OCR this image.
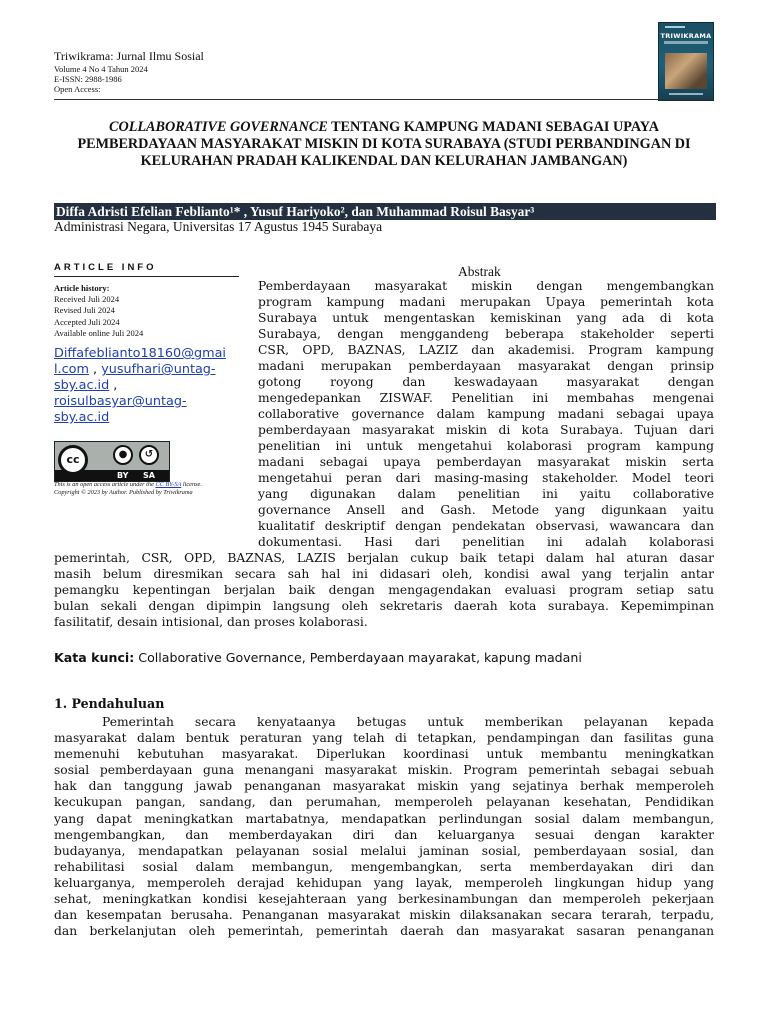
Triwikrama: Jurnal Ilmu Sosial
Volume 4 No 4 Tahun 2024
E-ISSN: 2988-1986
Open Access:
TRIWIKRAMA
COLLABORATIVE GOVERNANCE TENTANG KAMPUNG MADANI SEBAGAI UPAYA PEMBERDAYAAN MASYARAKAT MISKIN DI KOTA SURABAYA (STUDI PERBANDINGAN DI KELURAHAN PRADAH KALIKENDAL DAN KELURAHAN JAMBANGAN)
Diffa Adristi Efelian Feblianto¹* , Yusuf Hariyoko², dan Muhammad Roisul Basyar³
Administrasi Negara, Universitas 17 Agustus 1945 Surabaya
ARTICLE INFO
Article history:
Received Juli 2024
Revised Juli 2024
Accepted Juli 2024
Available online Juli 2024
Diffafeblianto18160@gmai
l.com , yusufhari@untag-
sby.ac.id ,
roisulbasyar@untag-
sby.ac.id
cc	●	↺
BY SA
This is an open access article under the CC BY-SA license.
Copyright © 2023 by Author. Published by Triwikrama
Abstrak
Pemberdayaan masyarakat miskin dengan mengembangkan
program kampung madani merupakan Upaya pemerintah kota
Surabaya untuk mengentaskan kemiskinan yang ada di kota
Surabaya, dengan menggandeng beberapa stakeholder seperti
CSR, OPD, BAZNAS, LAZIZ dan akademisi. Program kampung
madani merupakan pemberdayaan masyarakat dengan prinsip
gotong royong dan keswadayaan masyarakat dengan
mengedepankan ZISWAF. Penelitian ini membahas mengenai
collaborative governance dalam kampung madani sebagai upaya
pemberdayaan masyarakat miskin di kota Surabaya. Tujuan dari
penelitian ini untuk mengetahui kolaborasi program kampung
madani sebagai upaya pemberdayan masyarakat miskin serta
mengetahui peran dari masing-masing stakeholder. Model teori
yang digunakan dalam penelitian ini yaitu collaborative
governance Ansell and Gash. Metode yang digunkaan yaitu
kualitatif deskriptif dengan pendekatan observasi, wawancara dan
dokumentasi. Hasi dari penelitian ini adalah kolaborasi
pemerintah, CSR, OPD, BAZNAS, LAZIS berjalan cukup baik tetapi dalam hal aturan dasar
masih belum diresmikan secara sah hal ini didasari oleh, kondisi awal yang terjalin antar
pemangku kepentingan berjalan baik dengan mengagendakan evaluasi program setiap satu
bulan sekali dengan dipimpin langsung oleh sekretaris daerah kota surabaya. Kepemimpinan
fasilitatif, desain intisional, dan proses kolaborasi.
Kata kunci: Collaborative Governance, Pemberdayaan mayarakat, kapung madani
1. Pendahuluan
Pemerintah secara kenyataanya betugas untuk memberikan pelayanan kepada
masyarakat dalam bentuk peraturan yang telah di tetapkan, pendampingan dan fasilitas guna
memenuhi kebutuhan masyarakat. Diperlukan koordinasi untuk membantu meningkatkan
sosial pemberdayaan guna menangani masyarakat miskin. Program pemerintah sebagai sebuah
hak dan tanggung jawab penanganan masyarakat miskin yang sejatinya berhak memperoleh
kecukupan pangan, sandang, dan perumahan, memperoleh pelayanan kesehatan, Pendidikan
yang dapat meningkatkan martabatnya, mendapatkan perlindungan sosial dalam membangun,
mengembangkan, dan memberdayakan diri dan keluarganya sesuai dengan karakter
budayanya, mendapatkan pelayanan sosial melalui jaminan sosial, pemberdayaan sosial, dan
rehabilitasi sosial dalam membangun, mengembangkan, serta memberdayakan diri dan
keluarganya, memperoleh derajad kehidupan yang layak, memperoleh lingkungan hidup yang
sehat, meningkatkan kondisi kesejahteraan yang berkesinambungan dan memperoleh pekerjaan
dan kesempatan berusaha. Penanganan masyarakat miskin dilaksanakan secara terarah, terpadu,
dan berkelanjutan oleh pemerintah, pemerintah daerah dan masyarakat sasaran penanganan
